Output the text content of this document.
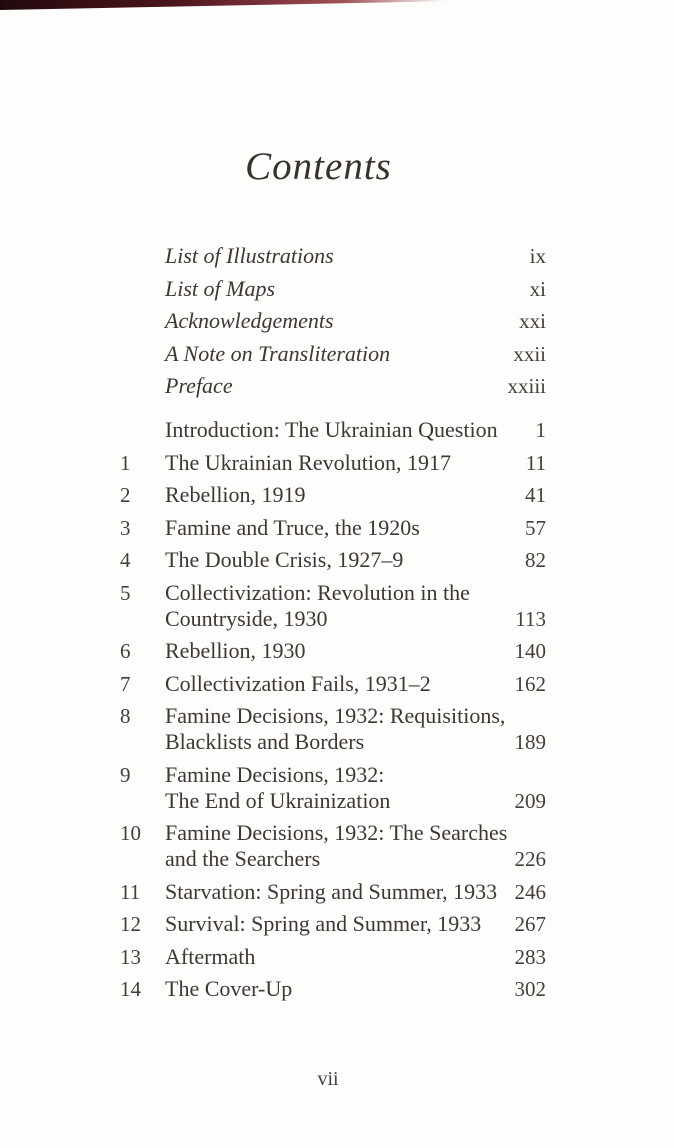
Contents
List of Illustrations	ix
List of Maps	xi
Acknowledgements	xxi
A Note on Transliteration	xxii
Preface	xxiii
Introduction: The Ukrainian Question	1
1	The Ukrainian Revolution, 1917	11
2	Rebellion, 1919	41
3	Famine and Truce, the 1920s	57
4	The Double Crisis, 1927–9	82
5	Collectivization: Revolution in the
Countryside, 1930	113
6	Rebellion, 1930	140
7	Collectivization Fails, 1931–2	162
8	Famine Decisions, 1932: Requisitions,
Blacklists and Borders	189
9	Famine Decisions, 1932:
The End of Ukrainization	209
10	Famine Decisions, 1932: The Searches
and the Searchers	226
11	Starvation: Spring and Summer, 1933 246
12	Survival: Spring and Summer, 1933	267
13	Aftermath	283
14	The Cover-Up	302
vii
